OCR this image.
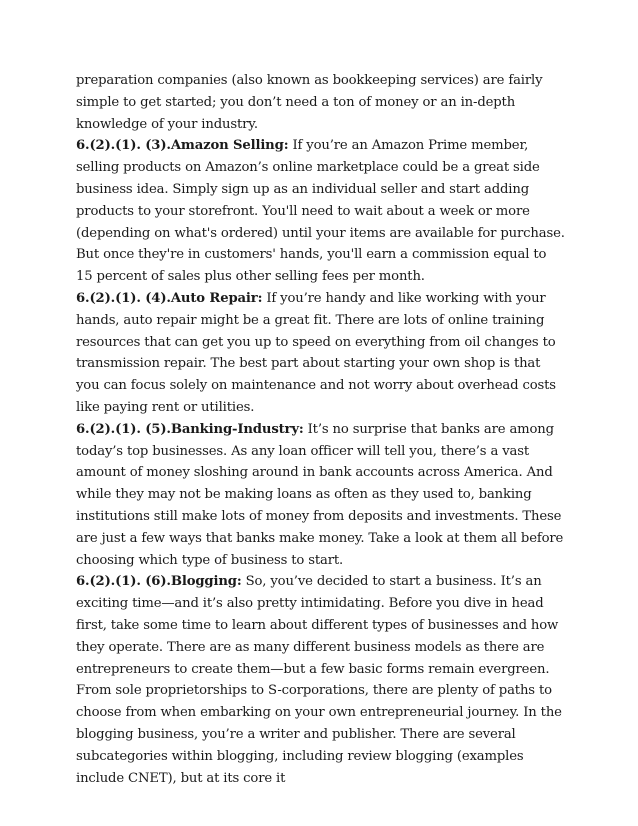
preparation companies (also known as bookkeeping services) are fairly simple to get started; you don’t need a ton of money or an in-depth knowledge of your industry.

6.(2).(1). (3).Amazon Selling: If you’re an Amazon Prime member, selling products on Amazon’s online marketplace could be a great side business idea. Simply sign up as an individual seller and start adding products to your storefront. You'll need to wait about a week or more (depending on what's ordered) until your items are available for purchase. But once they're in customers' hands, you'll earn a commission equal to 15 percent of sales plus other selling fees per month.

6.(2).(1). (4).Auto Repair: If you’re handy and like working with your hands, auto repair might be a great fit. There are lots of online training resources that can get you up to speed on everything from oil changes to transmission repair. The best part about starting your own shop is that you can focus solely on maintenance and not worry about overhead costs like paying rent or utilities.

6.(2).(1). (5).Banking-Industry: It’s no surprise that banks are among today’s top businesses. As any loan officer will tell you, there’s a vast amount of money sloshing around in bank accounts across America. And while they may not be making loans as often as they used to, banking institutions still make lots of money from deposits and investments. These are just a few ways that banks make money. Take a look at them all before choosing which type of business to start.

6.(2).(1). (6).Blogging: So, you’ve decided to start a business. It’s an exciting time—and it’s also pretty intimidating. Before you dive in head first, take some time to learn about different types of businesses and how they operate. There are as many different business models as there are entrepreneurs to create them—but a few basic forms remain evergreen. From sole proprietorships to S-corporations, there are plenty of paths to choose from when embarking on your own entrepreneurial journey. In the blogging business, you’re a writer and publisher. There are several subcategories within blogging, including review blogging (examples include CNET), but at its core it
